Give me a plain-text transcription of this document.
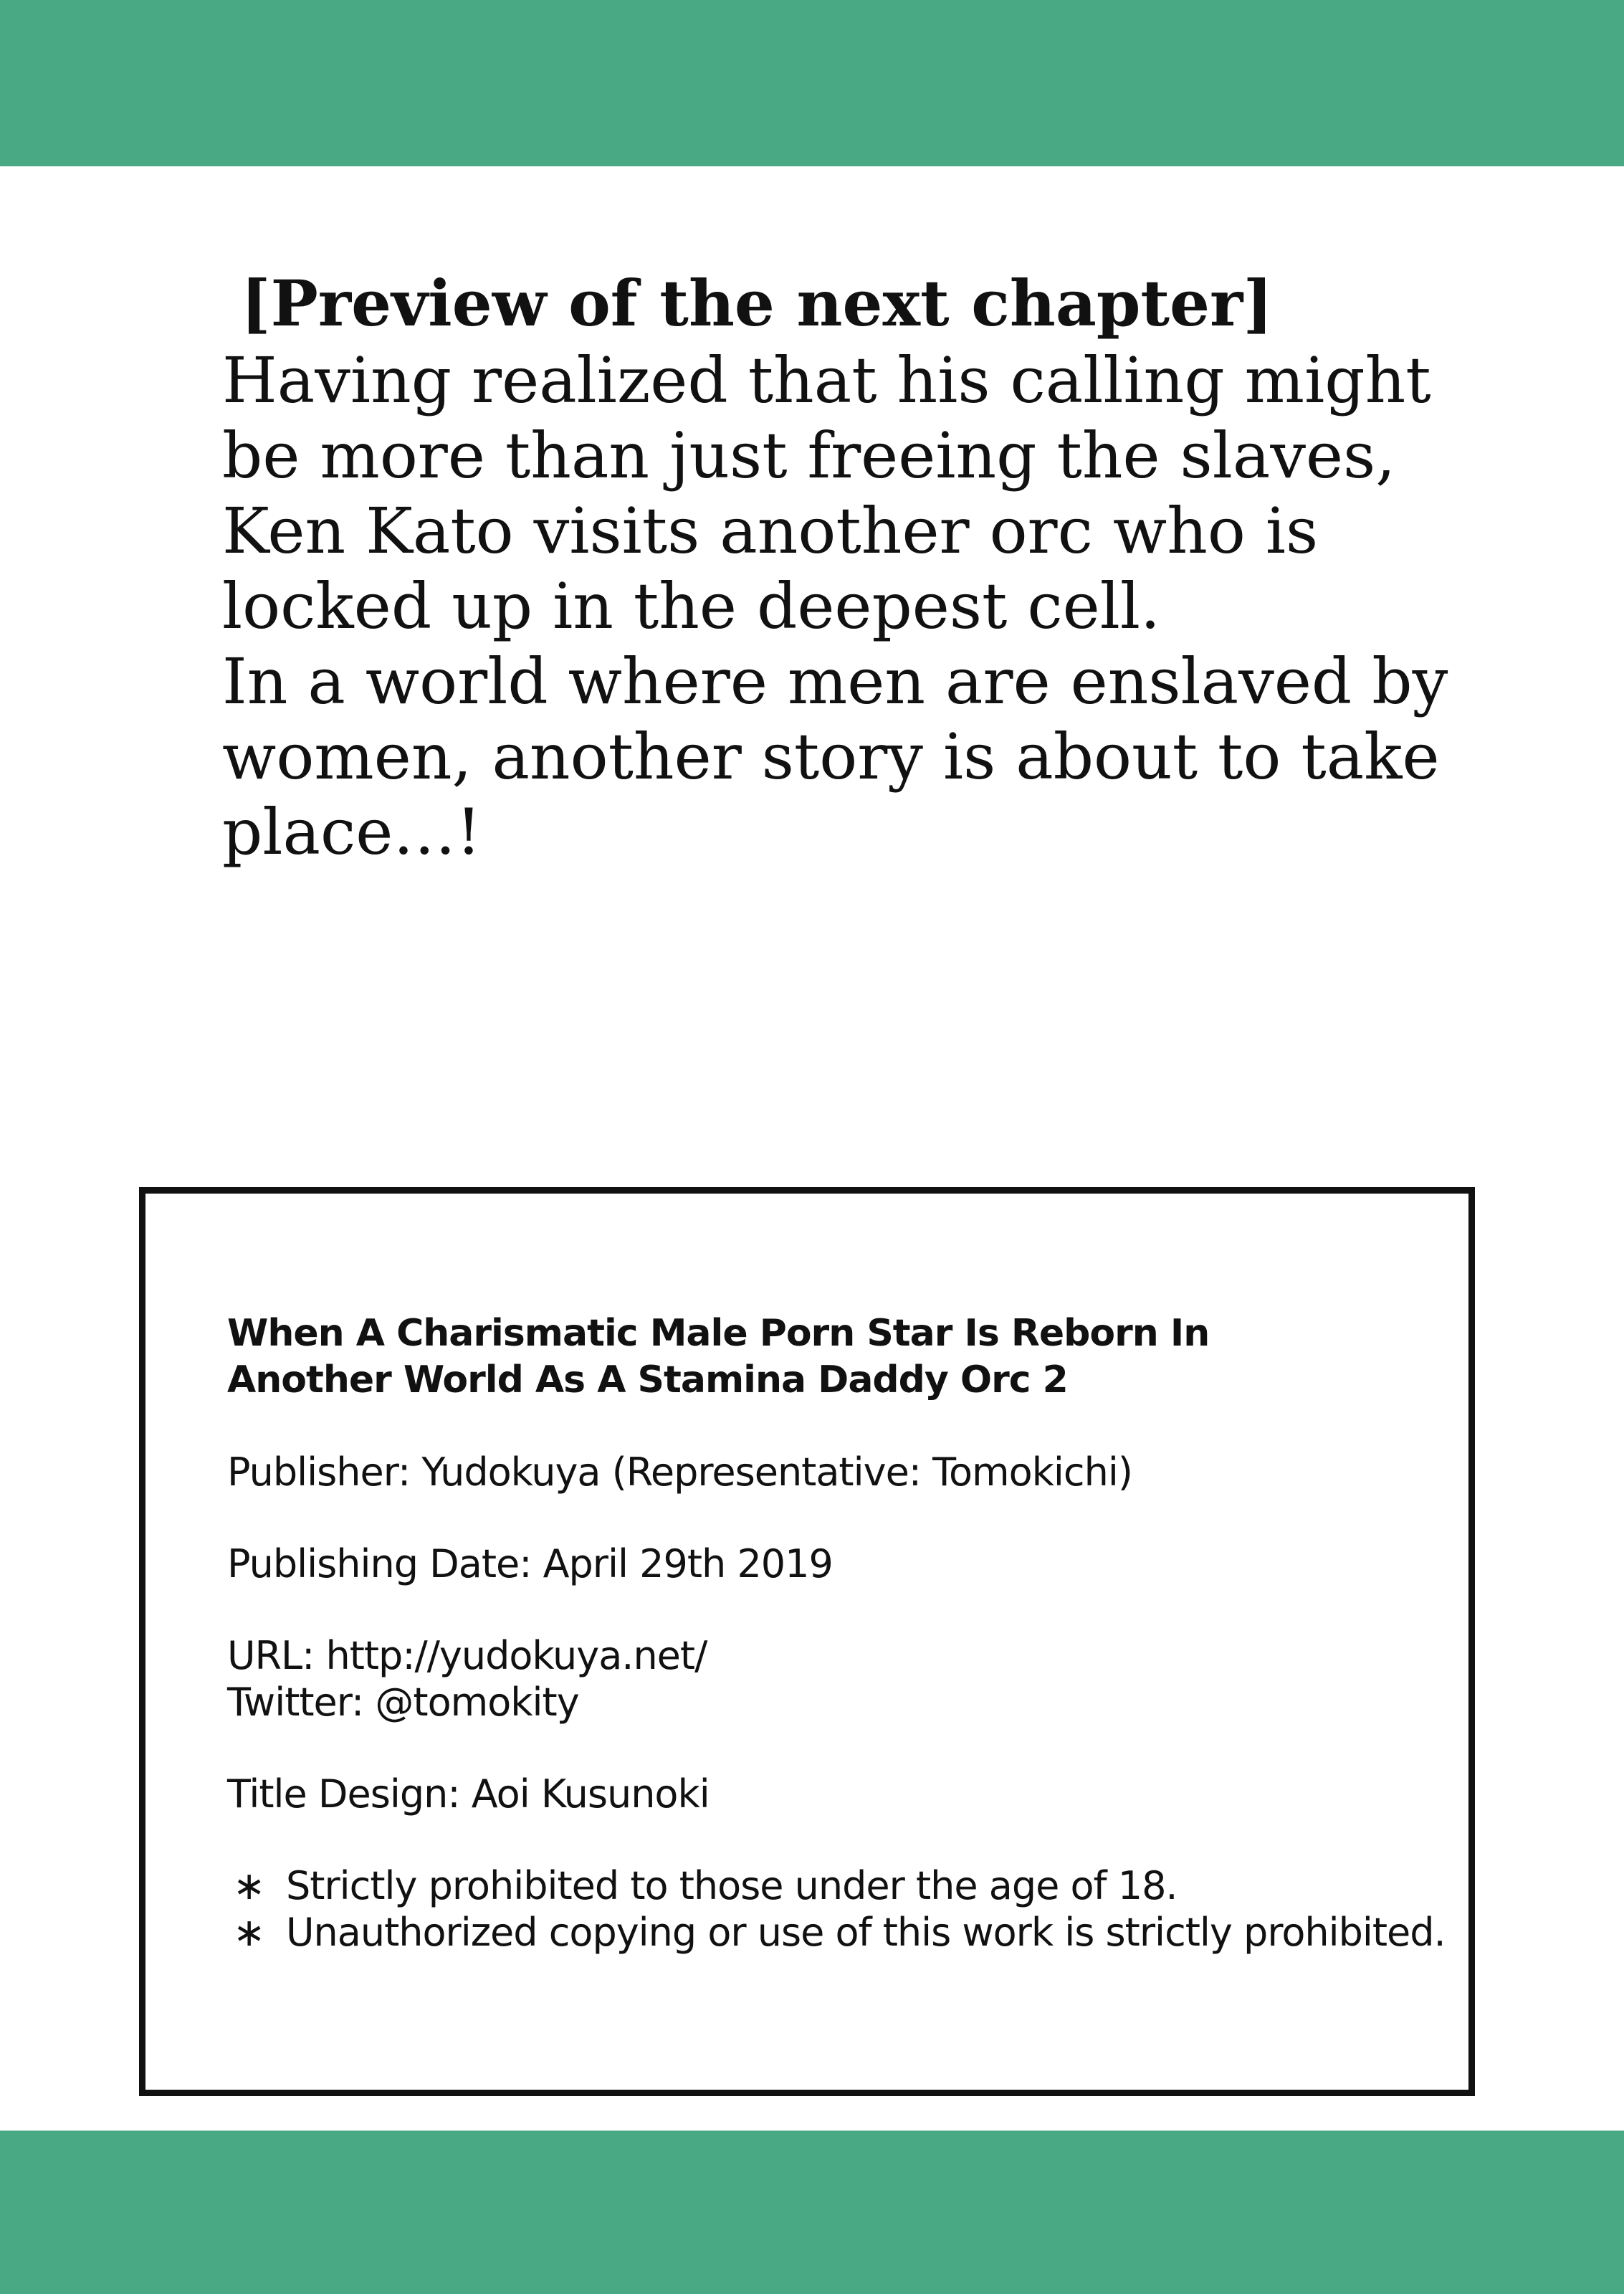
[Preview of the next chapter]

Having realized that his calling might

be more than just freeing the slaves,

Ken Kato visits another orc who is

locked up in the deepest cell.

In a world where men are enslaved by

women, another story is about to take

place…!

When A Charismatic Male Porn Star Is Reborn In

Another World As A Stamina Daddy Orc 2

Publisher: Yudokuya (Representative: Tomokichi)

Publishing Date: April 29th 2019

URL: http://yudokuya.net/

Twitter: @tomokity

Title Design: Aoi Kusunoki

∗ Strictly prohibited to those under the age of 18.
∗ Unauthorized copying or use of this work is strictly prohibited.
